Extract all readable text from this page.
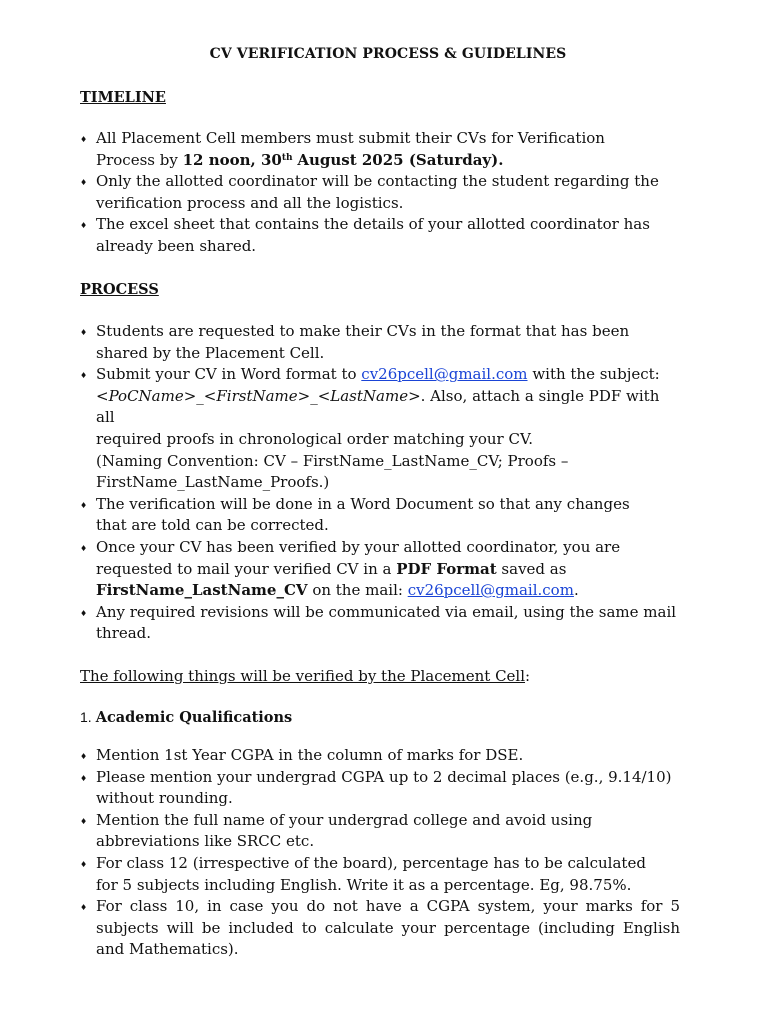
CV VERIFICATION PROCESS & GUIDELINES
TIMELINE
♦ All Placement Cell members must submit their CVs for Verification
Process by 12 noon, 30th August 2025 (Saturday).
♦ Only the allotted coordinator will be contacting the student regarding the
verification process and all the logistics.
♦ The excel sheet that contains the details of your allotted coordinator has
already been shared.
PROCESS
♦ Students are requested to make their CVs in the format that has been
shared by the Placement Cell.
♦ Submit your CV in Word format to cv26pcell@gmail.com with the subject:
<PoCName>_<FirstName>_<LastName>. Also, attach a single PDF with all
required proofs in chronological order matching your CV.
(Naming Convention: CV – FirstName_LastName_CV; Proofs –
FirstName_LastName_Proofs.)
♦ The verification will be done in a Word Document so that any changes
that are told can be corrected.
♦ Once your CV has been verified by your allotted coordinator, you are
requested to mail your verified CV in a PDF Format saved as
FirstName_LastName_CV on the mail: cv26pcell@gmail.com.
♦ Any required revisions will be communicated via email, using the same mail
thread.
The following things will be verified by the Placement Cell:
1. Academic Qualifications
♦ Mention 1st Year CGPA in the column of marks for DSE.
♦ Please mention your undergrad CGPA up to 2 decimal places (e.g., 9.14/10)
without rounding.
♦ Mention the full name of your undergrad college and avoid using
abbreviations like SRCC etc.
♦ For class 12 (irrespective of the board), percentage has to be calculated
for 5 subjects including English. Write it as a percentage. Eg, 98.75%.
♦ For class 10, in case you do not have a CGPA system, your marks for 5 subjects will be included to calculate your percentage (including English and Mathematics).
